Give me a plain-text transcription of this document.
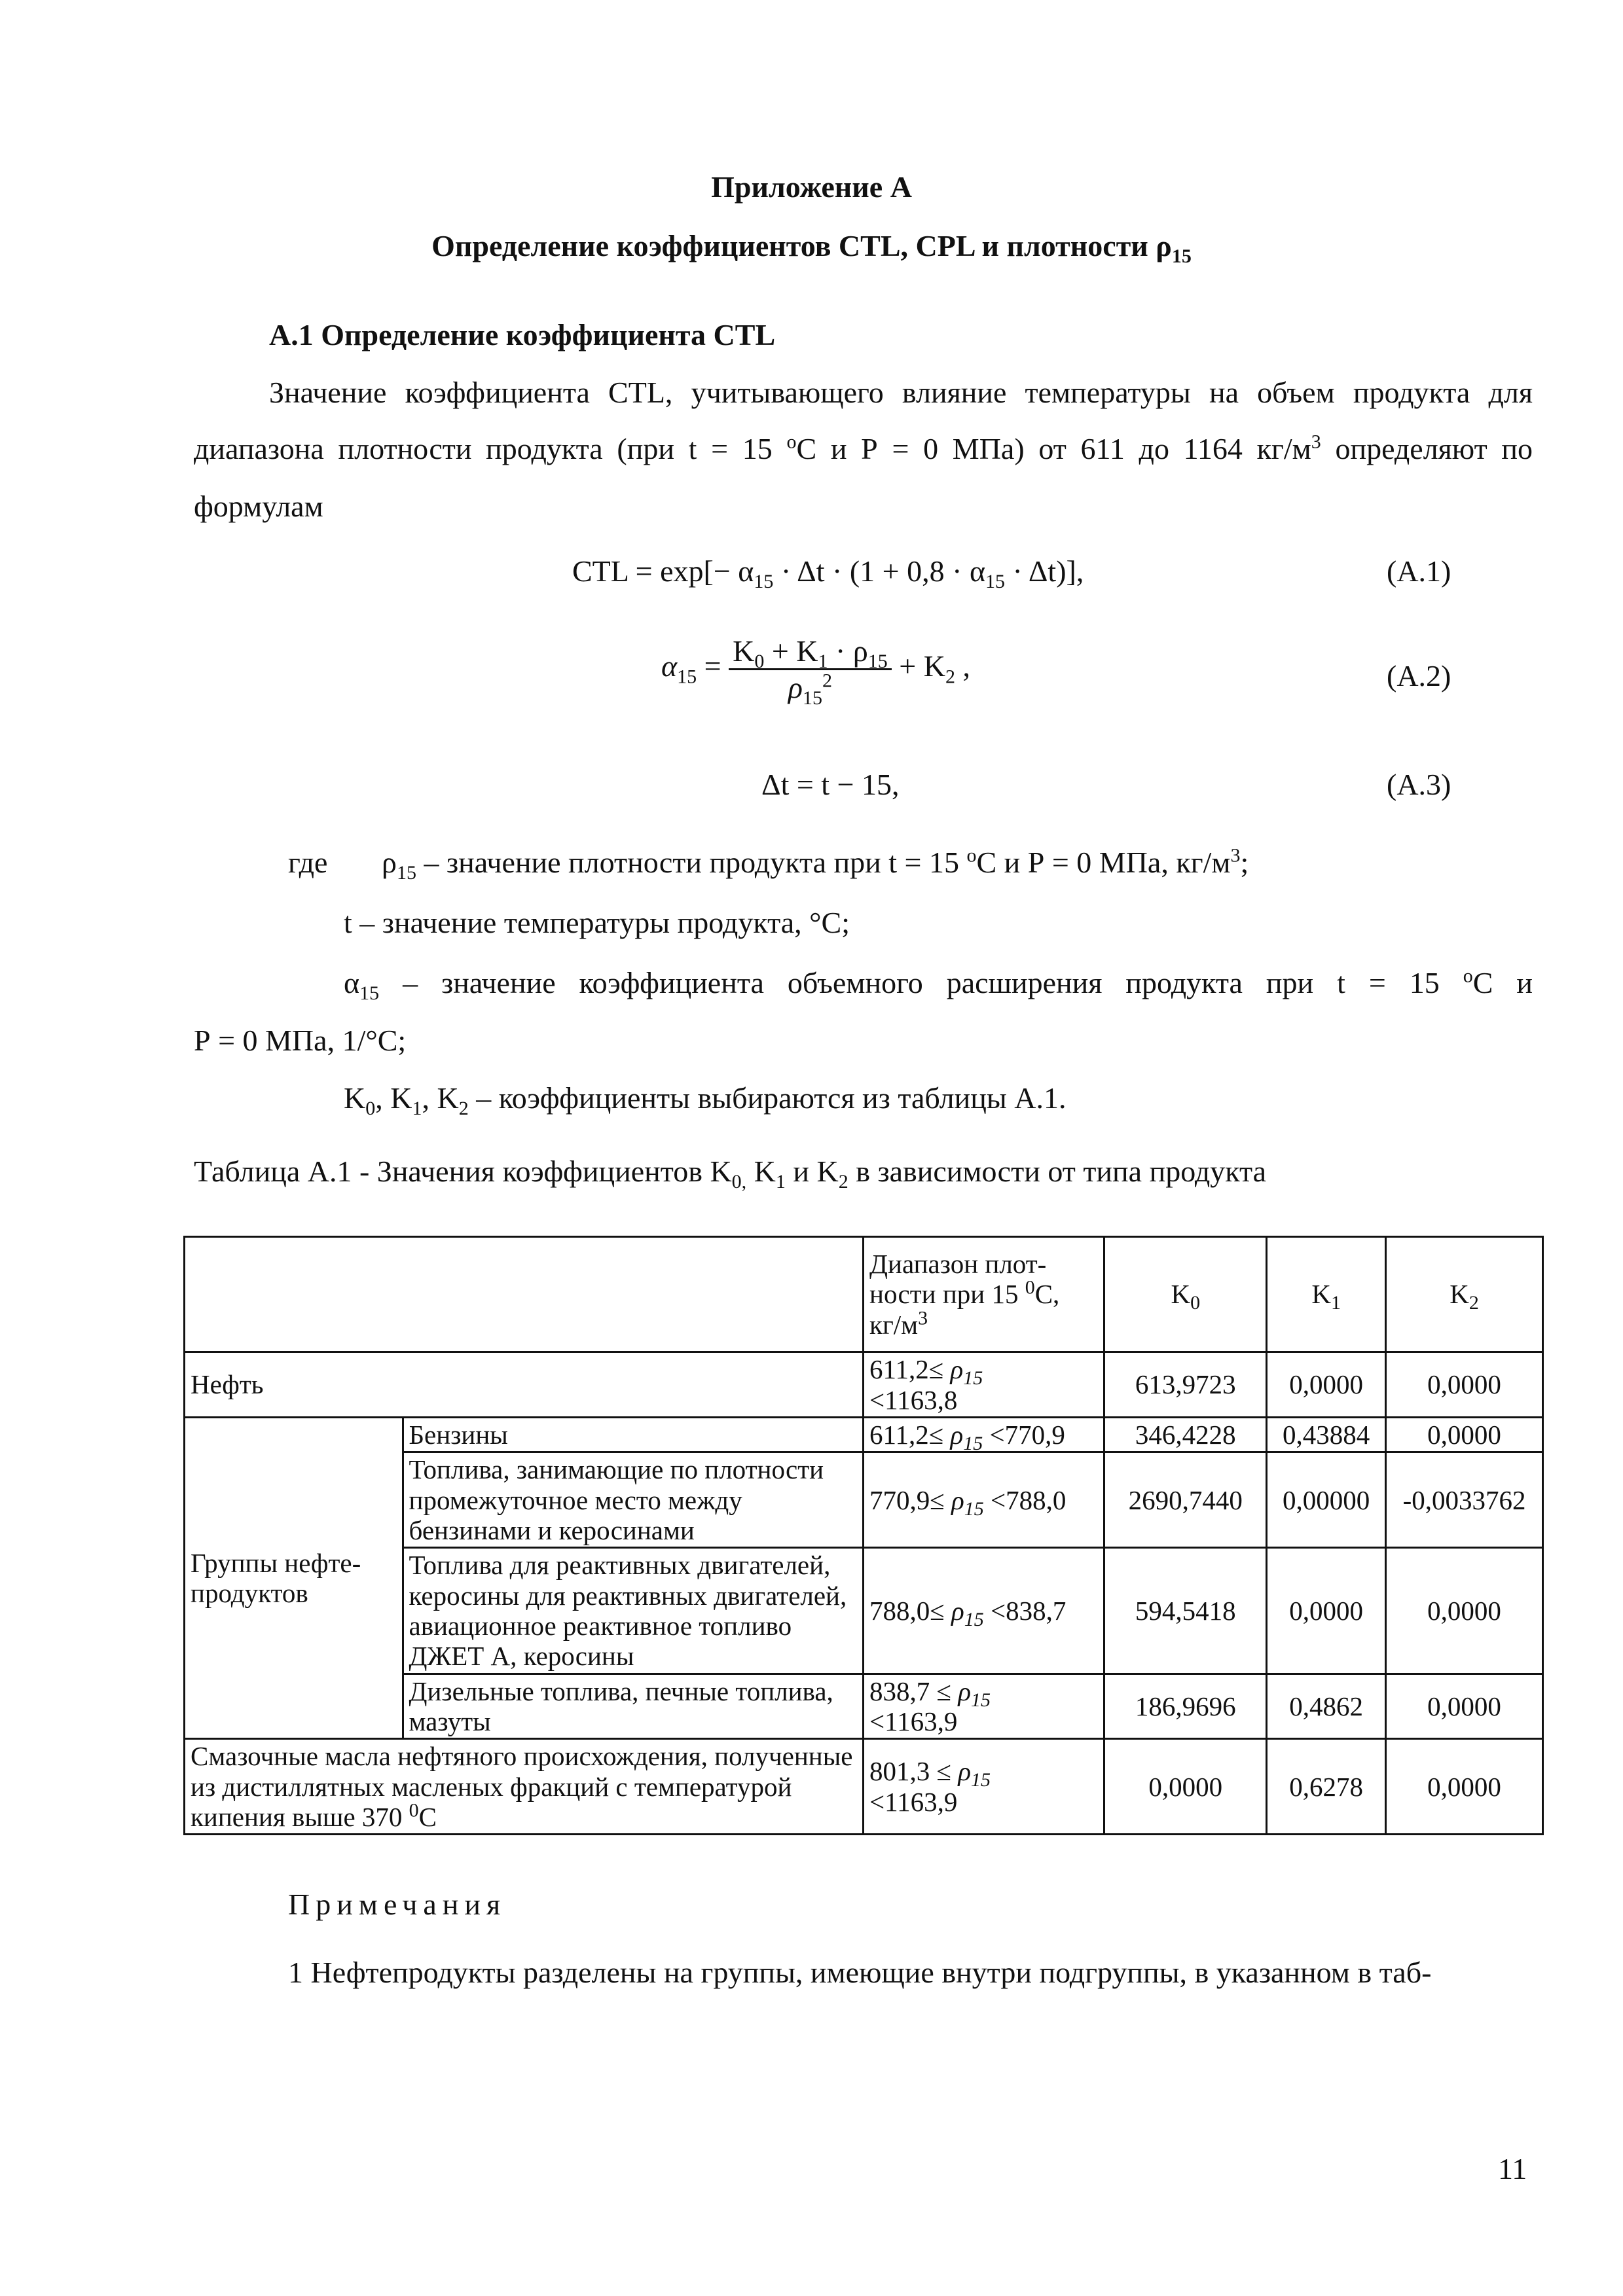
Приложение А
Определение коэффициентов CTL, CPL и плотности $\rho_{15}$
А.1 Определение коэффициента CTL
Значение коэффициента CTL, учитывающего влияние температуры на объем продукта для
диапазона плотности продукта (при t = 15 $^o$С и Р = 0 МПа) от 611 до 1164 $кг/м^3$ определяют по
формулам
CTL = $\exp[- \alpha_{15} \cdot \Delta t \cdot (1 + 0,8 \cdot \alpha_{15} \cdot \Delta t)]$,	(А.1)
$\alpha_{15} = \frac{K_0 + K_1 \cdot \rho_{15}}{\rho_{15}^2} + K_2$ ,	(А.2)
Δt = t − 15,	(А.3)
где $\rho_{15}$ – значение плотности продукта при t = 15 $^o$С и Р = 0 МПа, $кг/м^3$;
t – значение температуры продукта, °С;
$\alpha_{15}$ – значение коэффициента объемного расширения продукта при t = 15 $^o$С и
Р = 0 МПа, 1/°С;
$K_0$, $K_1$, $K_2$ – коэффициенты выбираются из таблицы А.1.
Таблица А.1 - Значения коэффициентов $K_{0,}$ $K_1$ и $K_2$ в зависимости от типа продукта
		Диапазон плот-
ности при 15 $^0$С,
$кг/м^3$	$K_0$	$K_1$	$K_2$
Нефть		$611,2\le \rho_{15}$
<1163,8	613,9723	0,0000	0,0000
Группы нефте-продуктов	Бензины	$611,2\le \rho_{15} <770,9$	346,4228	0,43884	0,0000
	Топлива, занимающие по плотности промежуточное место между бензинами и керосинами	$770,9\le \rho_{15} <788,0$	2690,7440	0,00000	-0,0033762
	Топлива для реактивных двигателей, керосины для реактивных двигателей, авиационное реактивное топливо ДЖЕТ А, керосины	$788,0\le \rho_{15} <838,7$	594,5418	0,0000	0,0000
	Дизельные топлива, печные топлива, мазуты	$838,7 \le \rho_{15}$
<1163,9	186,9696	0,4862	0,0000
Смазочные масла нефтяного происхождения, полученные из дистиллятных масленых фракций с температурой кипения выше 370 $^0$С		$801,3 \le \rho_{15}$
<1163,9	0,0000	0,6278	0,0000
Примечания
1 Нефтепродукты разделены на группы, имеющие внутри подгруппы, в указанном в таб-
11
